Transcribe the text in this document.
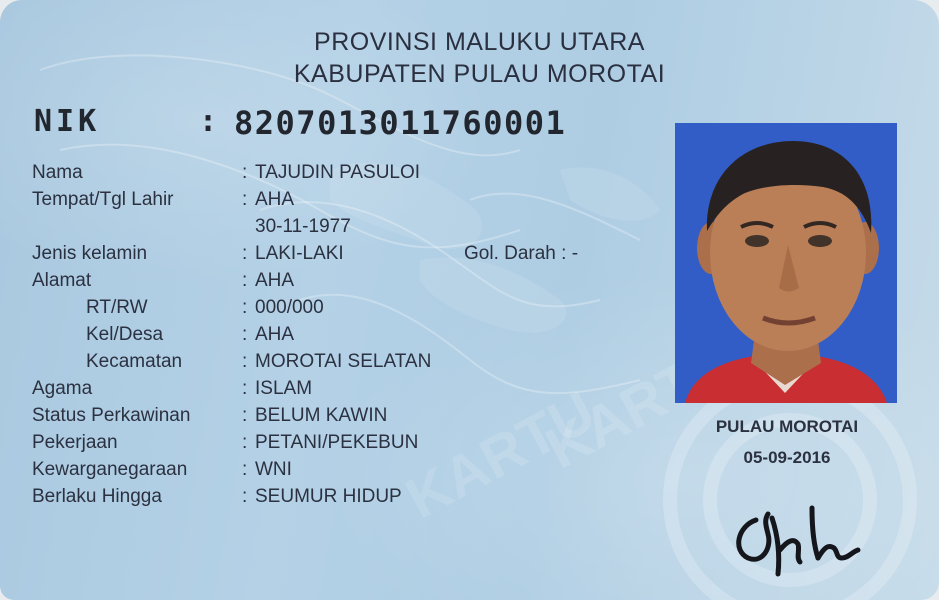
KARTU
KARTU

PROVINSI MALUKU UTARA

KABUPATEN PULAU MOROTAI

NIK	: 8207013011760001
Nama	: TAJUDIN PASULOI
Tempat/Tgl Lahir	: AHA
30-11-1977
Jenis kelamin	: LAKI-LAKI	Gol. Darah : -
Alamat	: AHA
RT/RW	: 000/000
Kel/Desa	: AHA
Kecamatan	: MOROTAI SELATAN
Agama	: ISLAM
Status Perkawinan	: BELUM KAWIN
Pekerjaan	: PETANI/PEKEBUN
Kewarganegaraan	: WNI
Berlaku Hingga	: SEUMUR HIDUP
PULAU MOROTAI
05-09-2016
